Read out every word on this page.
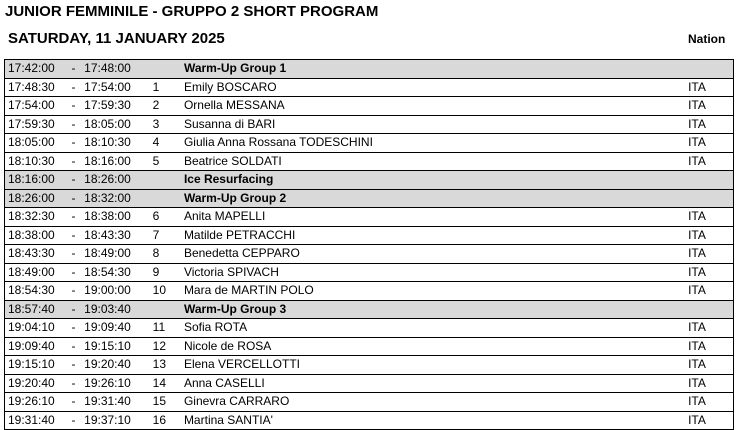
JUNIOR FEMMINILE - GRUPPO 2 SHORT PROGRAM
SATURDAY, 11 JANUARY 2025	Nation
17:42:00	-	17:48:00		Warm-Up Group 1	
17:48:30	-	17:54:00	1	Emily BOSCARO	ITA
17:54:00	-	17:59:30	2	Ornella MESSANA	ITA
17:59:30	-	18:05:00	3	Susanna di BARI	ITA
18:05:00	-	18:10:30	4	Giulia Anna Rossana TODESCHINI	ITA
18:10:30	-	18:16:00	5	Beatrice SOLDATI	ITA
18:16:00	-	18:26:00		Ice Resurfacing	
18:26:00	-	18:32:00		Warm-Up Group 2	
18:32:30	-	18:38:00	6	Anita MAPELLI	ITA
18:38:00	-	18:43:30	7	Matilde PETRACCHI	ITA
18:43:30	-	18:49:00	8	Benedetta CEPPARO	ITA
18:49:00	-	18:54:30	9	Victoria SPIVACH	ITA
18:54:30	-	19:00:00	10	Mara de MARTIN POLO	ITA
18:57:40	-	19:03:40		Warm-Up Group 3	
19:04:10	-	19:09:40	11	Sofia ROTA	ITA
19:09:40	-	19:15:10	12	Nicole de ROSA	ITA
19:15:10	-	19:20:40	13	Elena VERCELLOTTI	ITA
19:20:40	-	19:26:10	14	Anna CASELLI	ITA
19:26:10	-	19:31:40	15	Ginevra CARRARO	ITA
19:31:40	-	19:37:10	16	Martina SANTIA'	ITA
